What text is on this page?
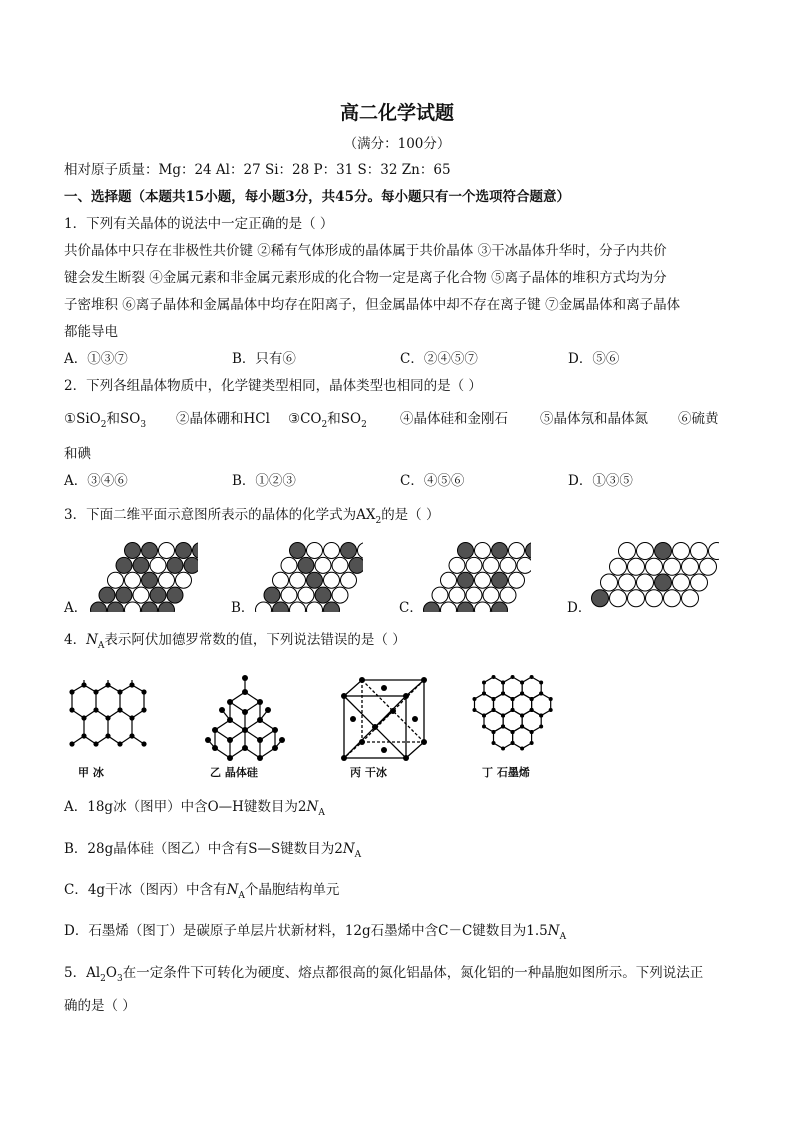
高二化学试题
（满分：100分）
相对原子质量：Mg：24 Al：27 Si：28 P：31 S：32 Zn：65
一、选择题（本题共15小题，每小题3分，共45分。每小题只有一个选项符合题意）
1．下列有关晶体的说法中一定正确的是（ ）
共价晶体中只存在非极性共价键 ②稀有气体形成的晶体属于共价晶体 ③干冰晶体升华时，分子内共价
键会发生断裂 ④金属元素和非金属元素形成的化合物一定是离子化合物 ⑤离子晶体的堆积方式均为分
子密堆积 ⑥离子晶体和金属晶体中均存在阳离子，但金属晶体中却不存在离子键 ⑦金属晶体和离子晶体
都能导电
A．①③⑦	B．只有⑥	C．②④⑤⑦	D．⑤⑥
2．下列各组晶体物质中，化学键类型相同，晶体类型也相同的是（ ）
①SiO$_2$和$SO_3$ ②晶体硼和HCl $③CO_2$和$SO_2$ ④晶体硅和金刚石 ⑤晶体氖和晶体氮 ⑥硫黄
和碘
A．③④⑥	B．①②③	C．④⑤⑥	D．①③⑤
3．下面二维平面示意图所表示的晶体的化学式为$AX_2$的是（ ）
A．	B．	C．	D．
4．$N_A$表示阿伏加德罗常数的值，下列说法错误的是（ ）
甲 冰	乙 晶体硅	丙 干冰	丁 石墨烯
A．18g冰（图甲）中含O—H键数目为$2N_A$
B．28g晶体硅（图乙）中含有S—S键数目为$2N_A$
C．4g干冰（图丙）中含有$N_A$个晶胞结构单元
D．石墨烯（图丁）是碳原子单层片状新材料，12g石墨烯中含C－C键数目为$1.5N_A$
5．$Al_2O_3$在一定条件下可转化为硬度、熔点都很高的氮化铝晶体，氮化铝的一种晶胞如图所示。下列说法正
确的是（ ）
